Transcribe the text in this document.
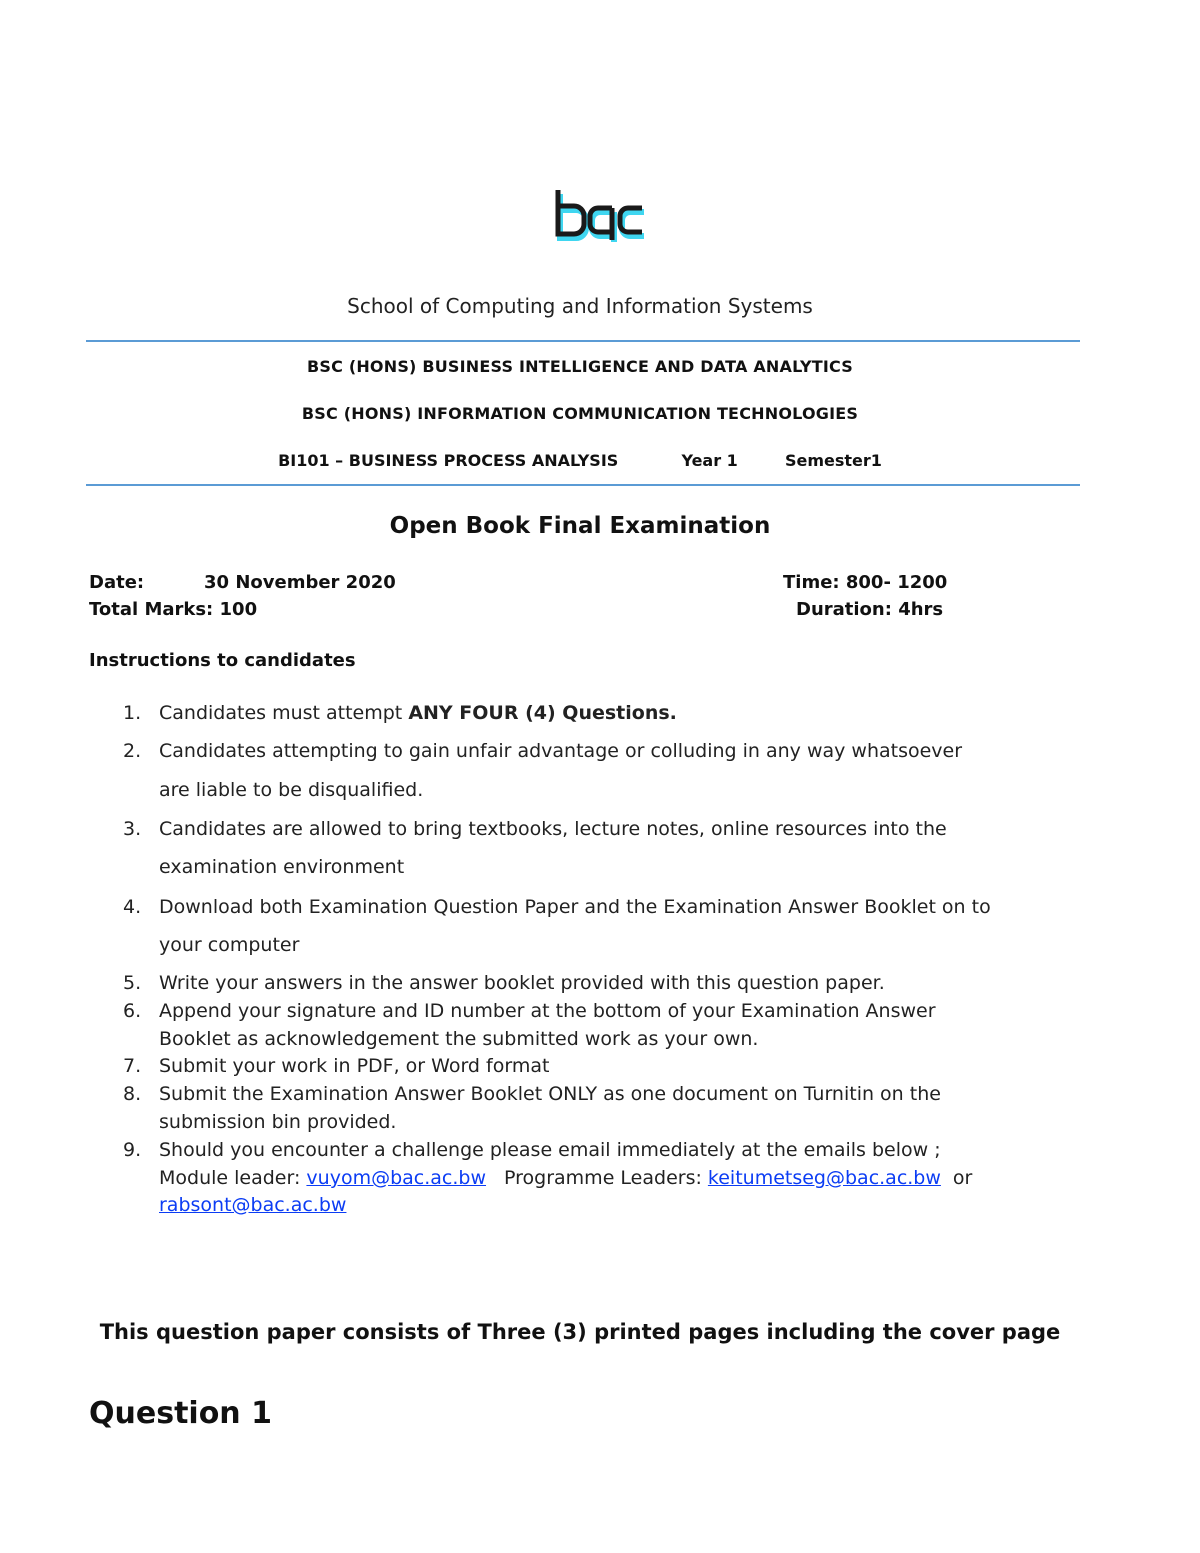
School of Computing and Information Systems
BSC (HONS) BUSINESS INTELLIGENCE AND DATA ANALYTICS
BSC (HONS) INFORMATION COMMUNICATION TECHNOLOGIES
BI101 – BUSINESS PROCESS ANALYSIS	Year 1	Semester1
Open Book Final Examination
Date:	30 November 2020	Time: 800- 1200
Total Marks: 100	Duration: 4hrs
Instructions to candidates
1. Candidates must attempt ANY FOUR (4) Questions.
2. Candidates attempting to gain unfair advantage or colluding in any way whatsoever
are liable to be disqualified.
3. Candidates are allowed to bring textbooks, lecture notes, online resources into the
examination environment
4. Download both Examination Question Paper and the Examination Answer Booklet on to
your computer
5. Write your answers in the answer booklet provided with this question paper.
6. Append your signature and ID number at the bottom of your Examination Answer
Booklet as acknowledgement the submitted work as your own.
7. Submit your work in PDF, or Word format
8. Submit the Examination Answer Booklet ONLY as one document on Turnitin on the
submission bin provided.
9. Should you encounter a challenge please email immediately at the emails below ;
Module leader: vuyom@bac.ac.bw Programme Leaders: keitumetseg@bac.ac.bw or
rabsont@bac.ac.bw
This question paper consists of Three (3) printed pages including the cover page
Question 1
